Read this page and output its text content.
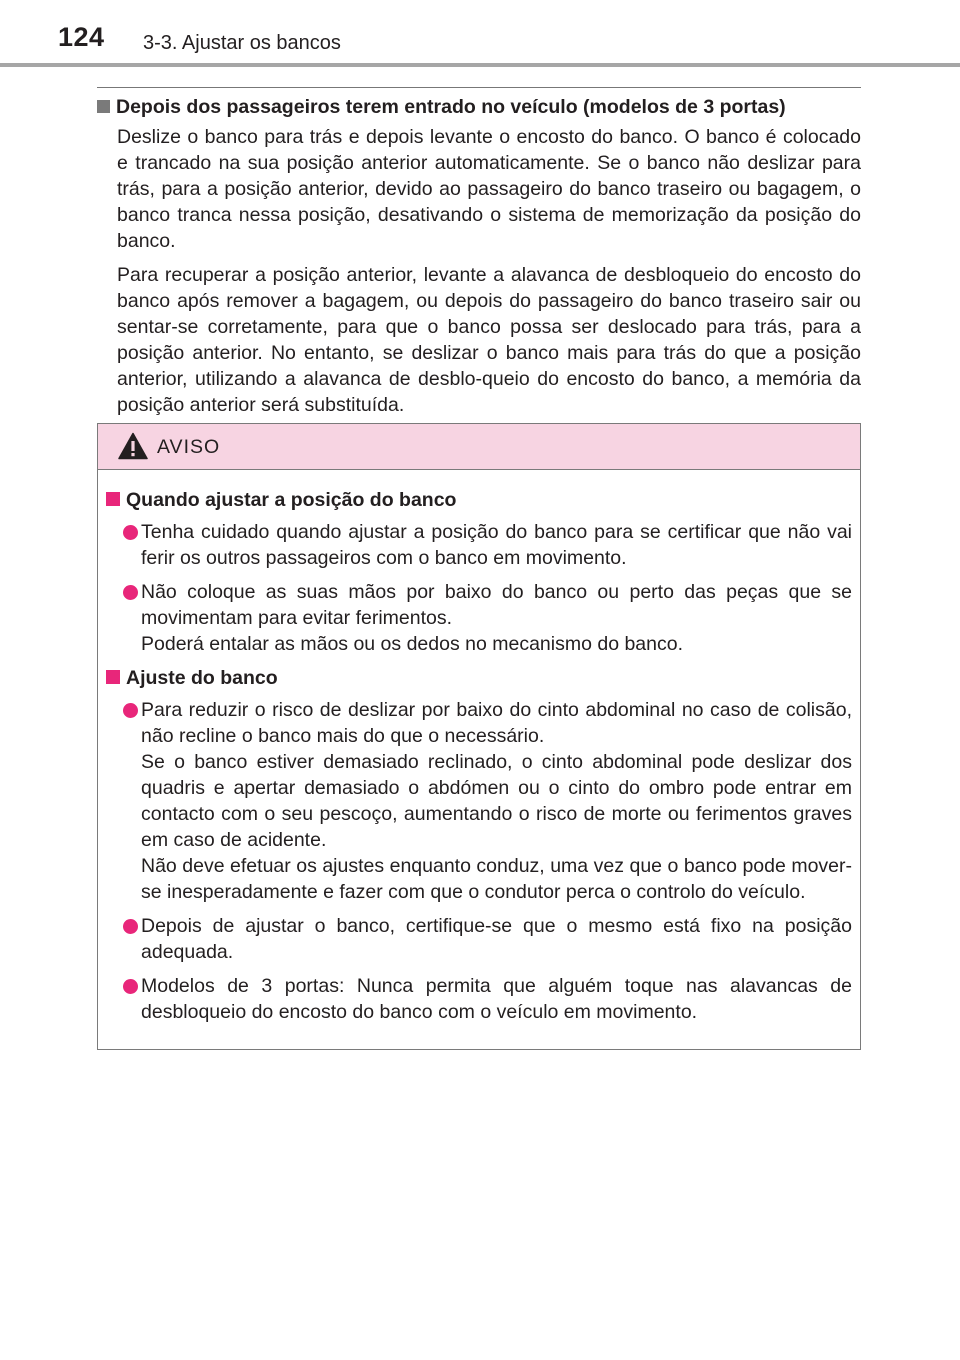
124 3-3. Ajustar os bancos

Depois dos passageiros terem entrado no veículo (modelos de 3 portas)

Deslize o banco para trás e depois levante o encosto do banco. O banco é colocado e trancado na sua posição anterior automaticamente. Se o banco não deslizar para trás, para a posição anterior, devido ao passageiro do banco traseiro ou bagagem, o banco tranca nessa posição, desativando o sistema de memorização da posição do banco.

Para recuperar a posição anterior, levante a alavanca de desbloqueio do encosto do banco após remover a bagagem, ou depois do passageiro do banco traseiro sair ou sentar-se corretamente, para que o banco possa ser deslocado para trás, para a posição anterior. No entanto, se deslizar o banco mais para trás do que a posição anterior, utilizando a alavanca de desblo-queio do encosto do banco, a memória da posição anterior será substituída.

AVISO

Quando ajustar a posição do banco

Tenha cuidado quando ajustar a posição do banco para se certificar que não vai ferir os outros passageiros com o banco em movimento.
Não coloque as suas mãos por baixo do banco ou perto das peças que se movimentam para evitar ferimentos.
Poderá entalar as mãos ou os dedos no mecanismo do banco.

Ajuste do banco

Para reduzir o risco de deslizar por baixo do cinto abdominal no caso de colisão, não recline o banco mais do que o necessário.
Se o banco estiver demasiado reclinado, o cinto abdominal pode deslizar dos quadris e apertar demasiado o abdómen ou o cinto do ombro pode entrar em contacto com o seu pescoço, aumentando o risco de morte ou ferimentos graves em caso de acidente.
Não deve efetuar os ajustes enquanto conduz, uma vez que o banco pode mover-se inesperadamente e fazer com que o condutor perca o controlo do veículo.
Depois de ajustar o banco, certifique-se que o mesmo está fixo na posição adequada.
Modelos de 3 portas: Nunca permita que alguém toque nas alavancas de desbloqueio do encosto do banco com o veículo em movimento.
